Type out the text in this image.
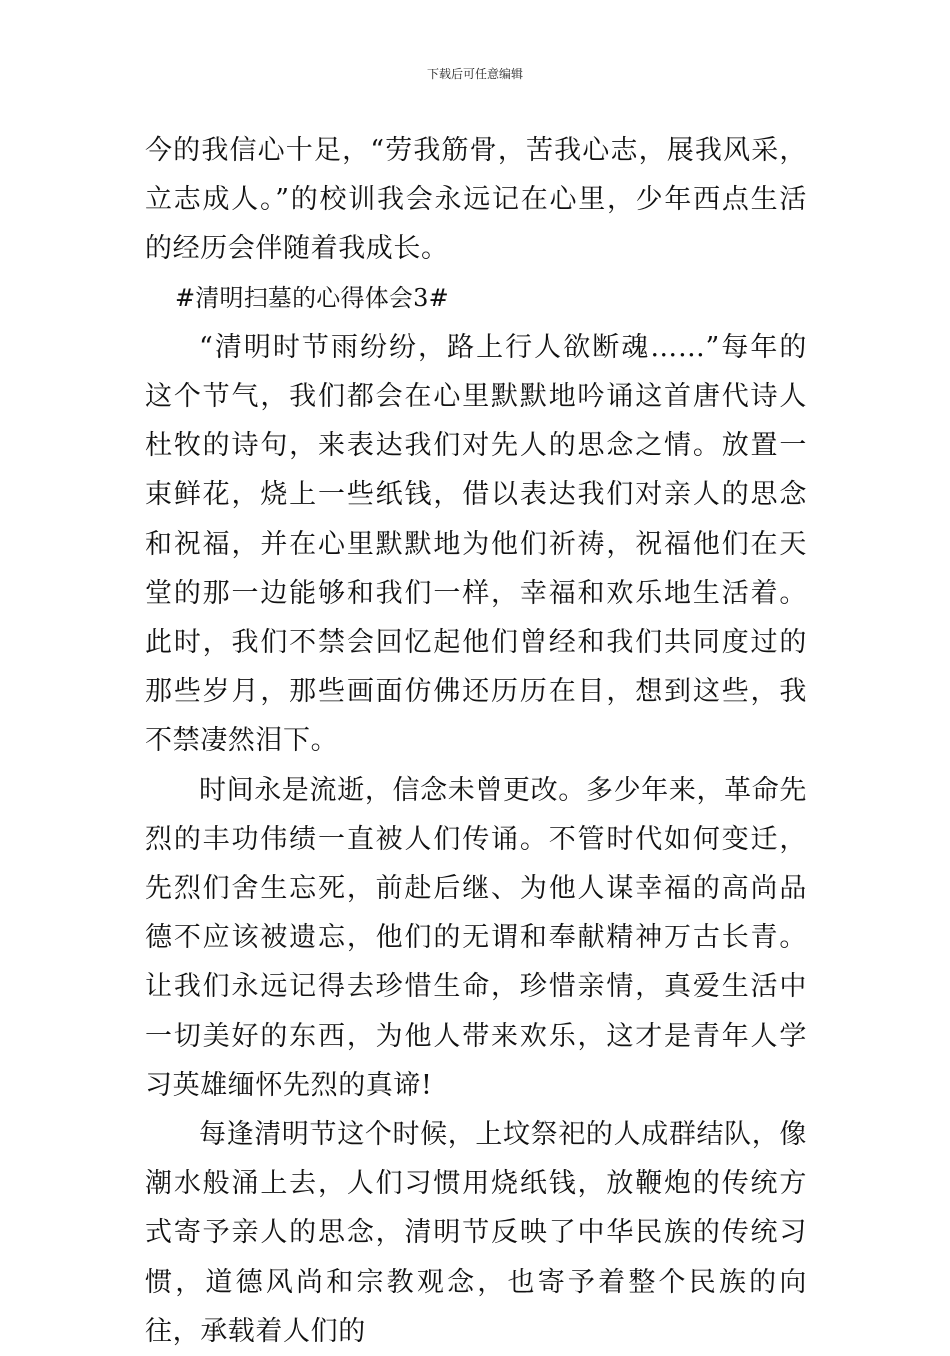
下载后可任意编辑

今的我信心十足，“劳我筋骨，苦我心志，展我风采，立志成人。”的校训我会永远记在心里，少年西点生活的经历会伴随着我成长。

#清明扫墓的心得体会3#

“清明时节雨纷纷，路上行人欲断魂……”每年的这个节气，我们都会在心里默默地吟诵这首唐代诗人杜牧的诗句，来表达我们对先人的思念之情。放置一束鲜花，烧上一些纸钱，借以表达我们对亲人的思念和祝福，并在心里默默地为他们祈祷，祝福他们在天堂的那一边能够和我们一样，幸福和欢乐地生活着。此时，我们不禁会回忆起他们曾经和我们共同度过的那些岁月，那些画面仿佛还历历在目，想到这些，我不禁凄然泪下。

时间永是流逝，信念未曾更改。多少年来，革命先烈的丰功伟绩一直被人们传诵。不管时代如何变迁，先烈们舍生忘死，前赴后继、为他人谋幸福的高尚品德不应该被遗忘，他们的无谓和奉献精神万古长青。让我们永远记得去珍惜生命，珍惜亲情，真爱生活中一切美好的东西，为他人带来欢乐，这才是青年人学习英雄缅怀先烈的真谛!

每逢清明节这个时候，上坟祭祀的人成群结队，像潮水般涌上去，人们习惯用烧纸钱，放鞭炮的传统方式寄予亲人的思念，清明节反映了中华民族的传统习惯，道德风尚和宗教观念，也寄予着整个民族的向往，承载着人们的
